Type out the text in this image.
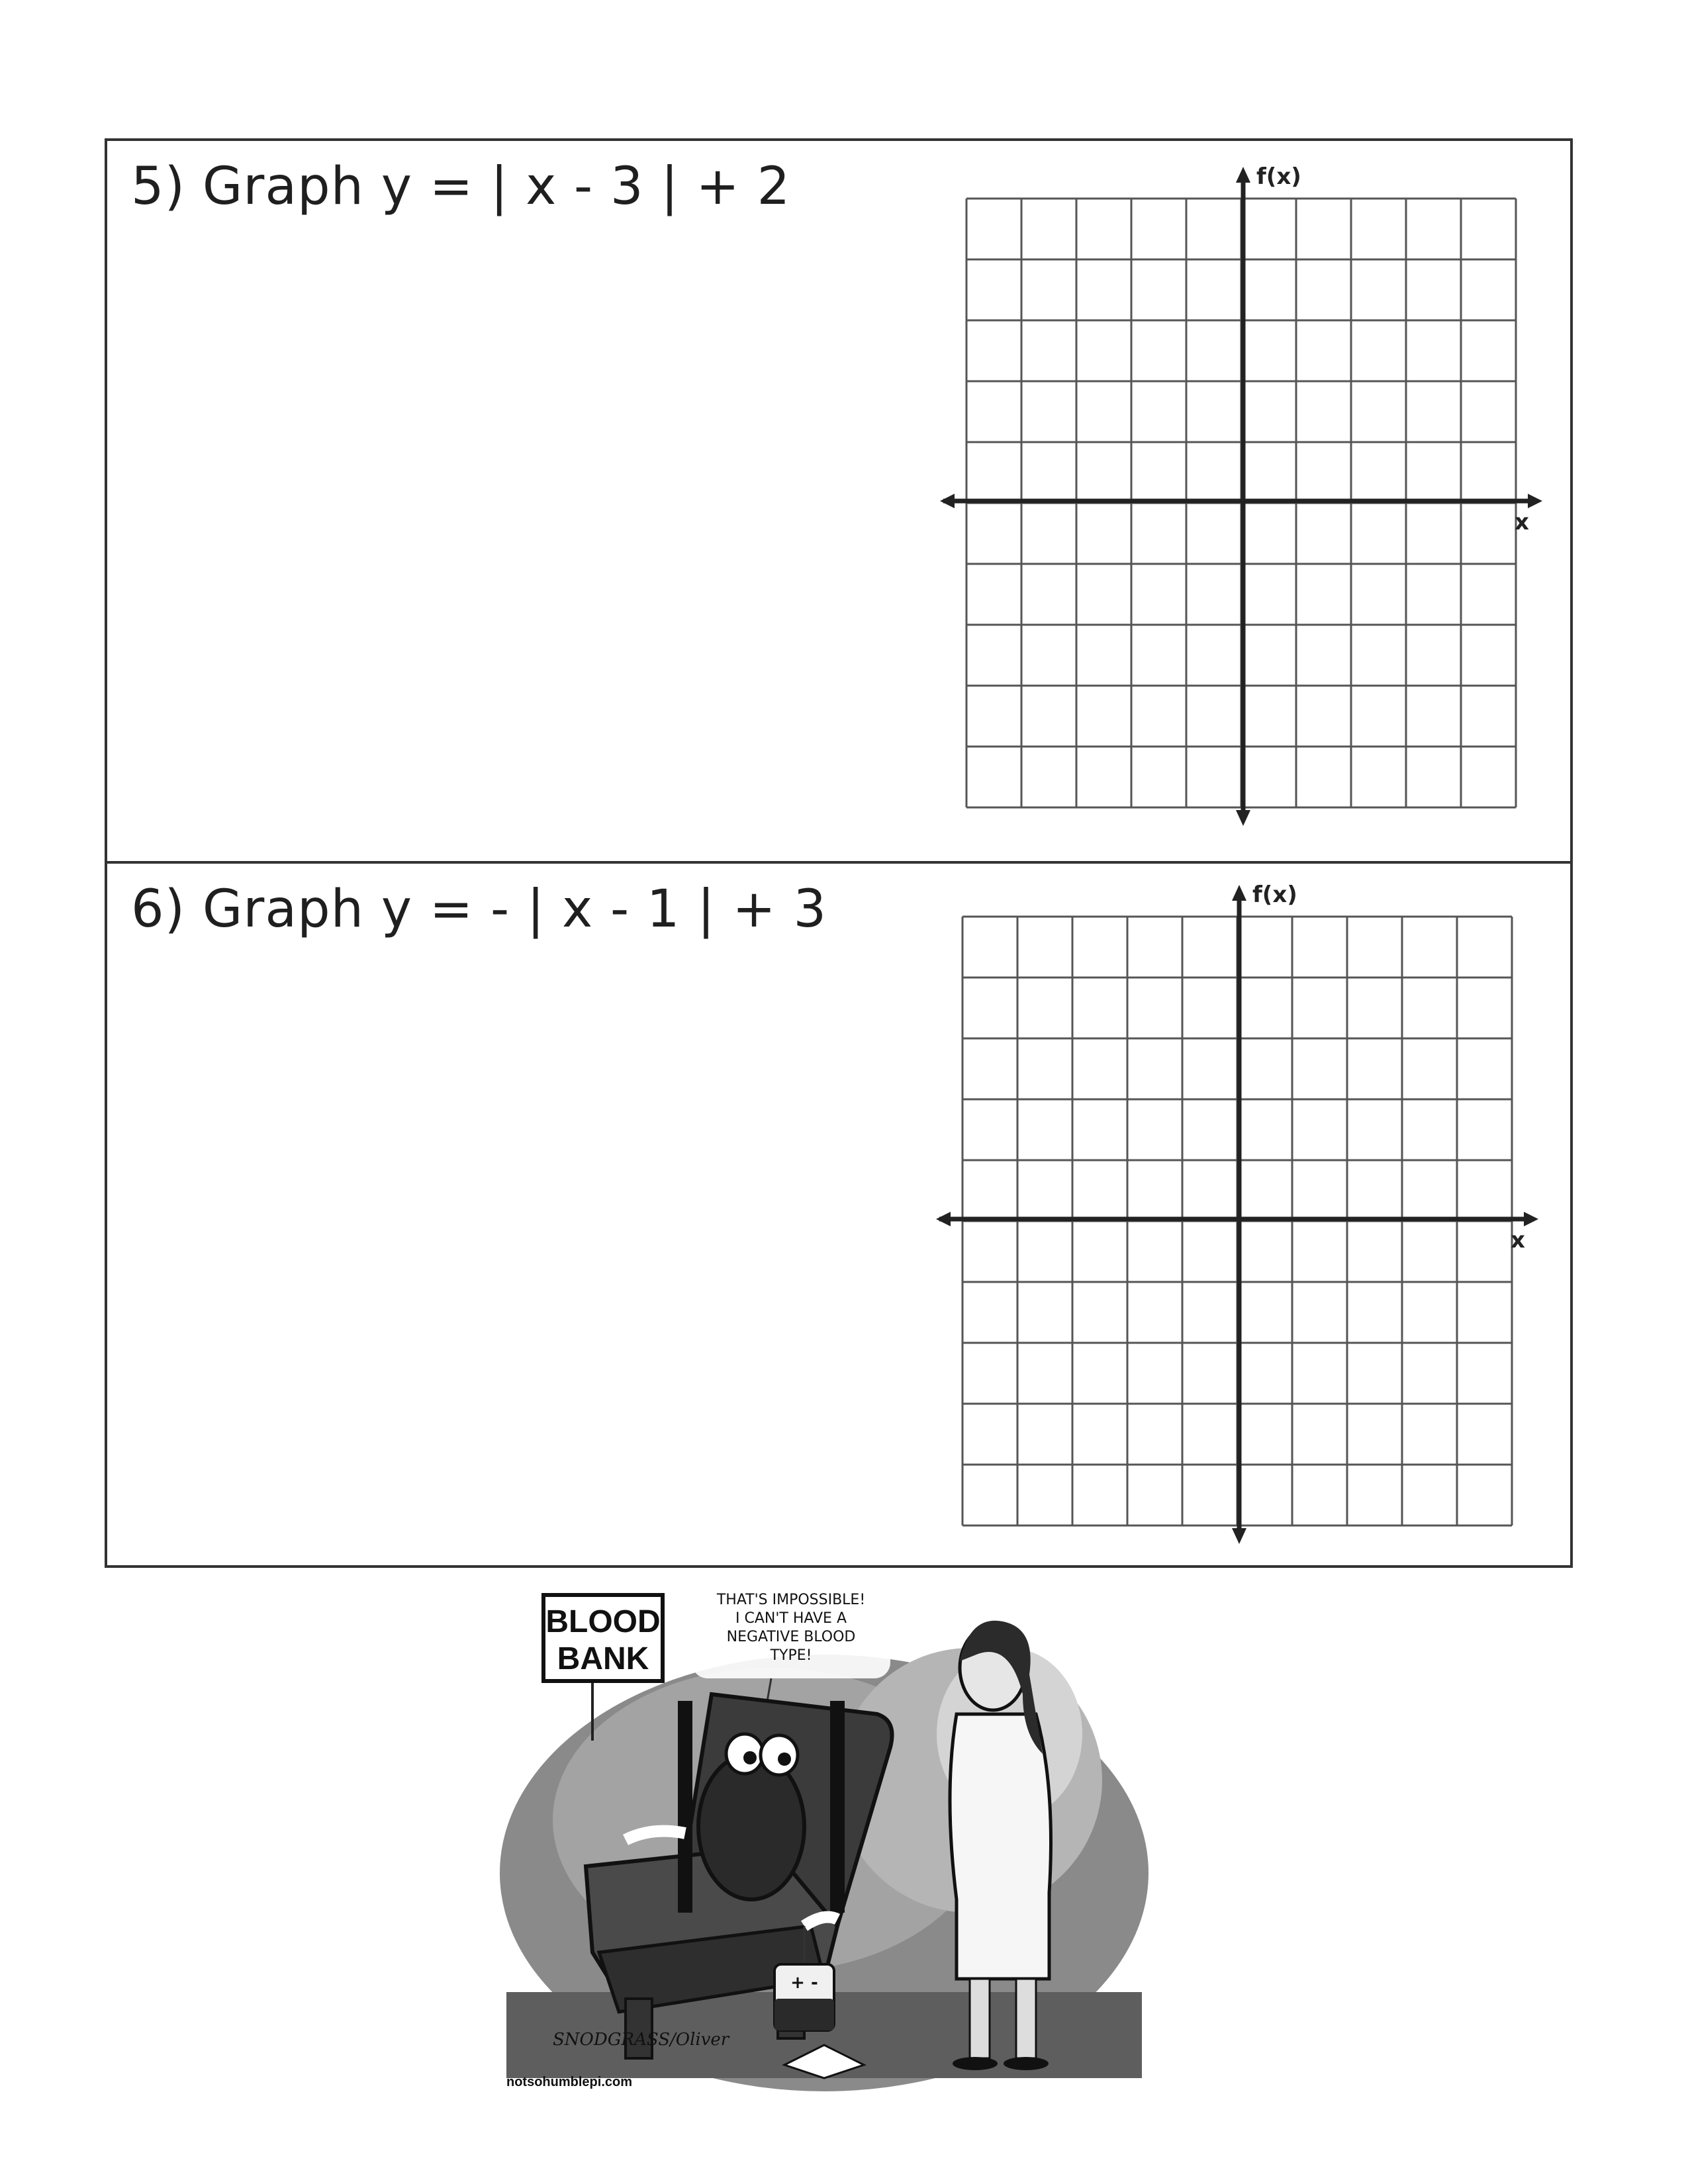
5) Graph y = | x - 3 | + 2	f(x)
x
6) Graph y = - | x - 1 | + 3	f(x)
x
BLOOD
BANK
THAT'S IMPOSSIBLE!
I CAN'T HAVE A
NEGATIVE BLOOD
TYPE!
+ -
SNODGRASS/Oliver
notsohumblepi.com
